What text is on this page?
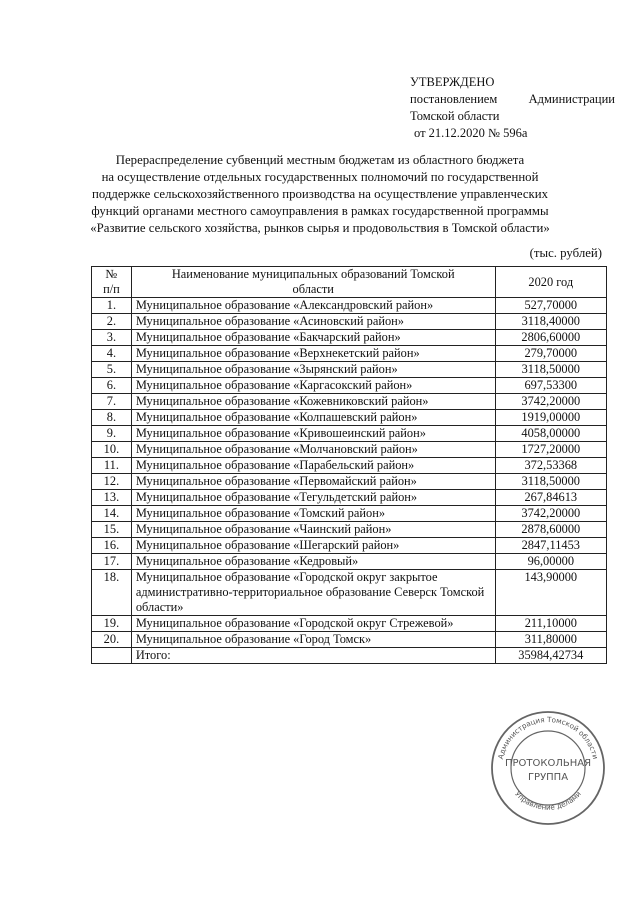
УТВЕРЖДЕНО
постановлением	Администрации
Томской области
от 21.12.2020 № 596а
Перераспределение субвенций местным бюджетам из областного бюджета
на осуществление отдельных государственных полномочий по государственной
поддержке сельскохозяйственного производства на осуществление управленческих
функций органами местного самоуправления в рамках государственной программы
«Развитие сельского хозяйства, рынков сырья и продовольствия в Томской области»
(тыс. рублей)
№
п/п	Наименование муниципальных образований Томской области	2020 год
1.	Муниципальное образование «Александровский район»	527,70000
2.	Муниципальное образование «Асиновский район»	3118,40000
3.	Муниципальное образование «Бакчарский район»	2806,60000
4.	Муниципальное образование «Верхнекетский район»	279,70000
5.	Муниципальное образование «Зырянский район»	3118,50000
6.	Муниципальное образование «Каргасокский район»	697,53300
7.	Муниципальное образование «Кожевниковский район»	3742,20000
8.	Муниципальное образование «Колпашевский район»	1919,00000
9.	Муниципальное образование «Кривошеинский район»	4058,00000
10.	Муниципальное образование «Молчановский район»	1727,20000
11.	Муниципальное образование «Парабельский район»	372,53368
12.	Муниципальное образование «Первомайский район»	3118,50000
13.	Муниципальное образование «Тегульдетский район»	267,84613
14.	Муниципальное образование «Томский район»	3742,20000
15.	Муниципальное образование «Чаинский район»	2878,60000
16.	Муниципальное образование «Шегарский район»	2847,11453
17.	Муниципальное образование «Кедровый»	96,00000
18.	Муниципальное образование «Городской округ закрытое административно-территориальное образование Северск Томской области»	143,90000
19.	Муниципальное образование «Городской округ Стрежевой»	211,10000
20.	Муниципальное образование «Город Томск»	311,80000
	Итого:	35984,42734
Администрация Томской области
Управление делами
ПРОТОКОЛЬНАЯ
ГРУППА
